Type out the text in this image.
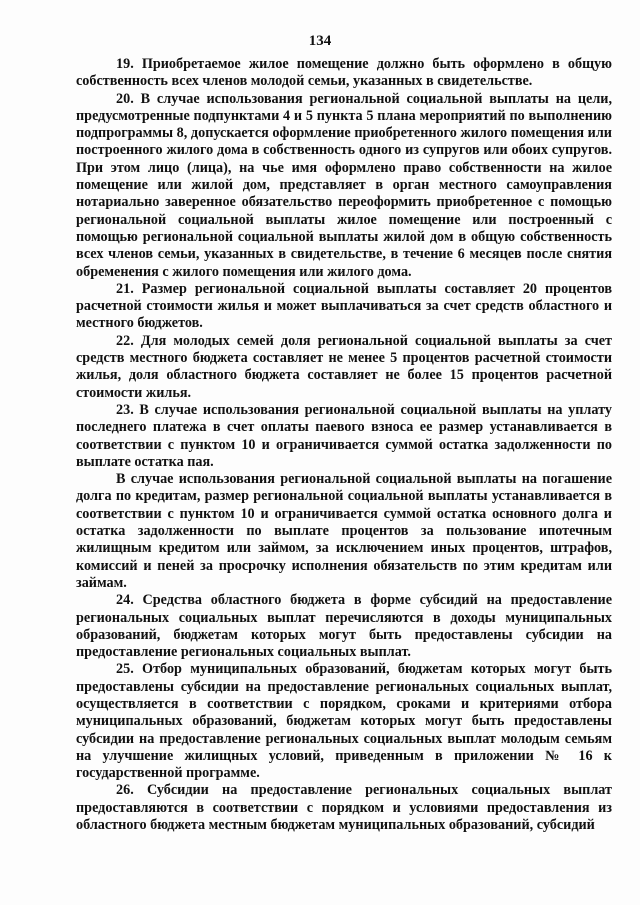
134

19. Приобретаемое жилое помещение должно быть оформлено в общую собственность всех членов молодой семьи, указанных в свидетельстве.

20. В случае использования региональной социальной выплаты на цели, предусмотренные подпунктами 4 и 5 пункта 5 плана мероприятий по выполнению подпрограммы 8, допускается оформление приобретенного жилого помещения или построенного жилого дома в собственность одного из супругов или обоих супругов. При этом лицо (лица), на чье имя оформлено право собственности на жилое помещение или жилой дом, представляет в орган местного самоуправления нотариально заверенное обязательство переоформить приобретенное с помощью региональной социальной выплаты жилое помещение или построенный с помощью региональной социальной выплаты жилой дом в общую собственность всех членов семьи, указанных в свидетельстве, в течение 6 месяцев после снятия обременения с жилого помещения или жилого дома.

21. Размер региональной социальной выплаты составляет 20 процентов расчетной стоимости жилья и может выплачиваться за счет средств областного и местного бюджетов.

22. Для молодых семей доля региональной социальной выплаты за счет средств местного бюджета составляет не менее 5 процентов расчетной стоимости жилья, доля областного бюджета составляет не более 15 процентов расчетной стоимости жилья.

23. В случае использования региональной социальной выплаты на уплату последнего платежа в счет оплаты паевого взноса ее размер устанавливается в соответствии с пунктом 10 и ограничивается суммой остатка задолженности по выплате остатка пая.

В случае использования региональной социальной выплаты на погашение долга по кредитам, размер региональной социальной выплаты устанавливается в соответствии с пунктом 10 и ограничивается суммой остатка основного долга и остатка задолженности по выплате процентов за пользование ипотечным жилищным кредитом или займом, за исключением иных процентов, штрафов, комиссий и пеней за просрочку исполнения обязательств по этим кредитам или займам.

24. Средства областного бюджета в форме субсидий на предоставление региональных социальных выплат перечисляются в доходы муниципальных образований, бюджетам которых могут быть предоставлены субсидии на предоставление региональных социальных выплат.

25. Отбор муниципальных образований, бюджетам которых могут быть предоставлены субсидии на предоставление региональных социальных выплат, осуществляется в соответствии с порядком, сроками и критериями отбора муниципальных образований, бюджетам которых могут быть предоставлены субсидии на предоставление региональных социальных выплат молодым семьям на улучшение жилищных условий, приведенным в приложении № 16 к государственной программе.

26. Субсидии на предоставление региональных социальных выплат предоставляются в соответствии с порядком и условиями предоставления из областного бюджета местным бюджетам муниципальных образований, субсидий
